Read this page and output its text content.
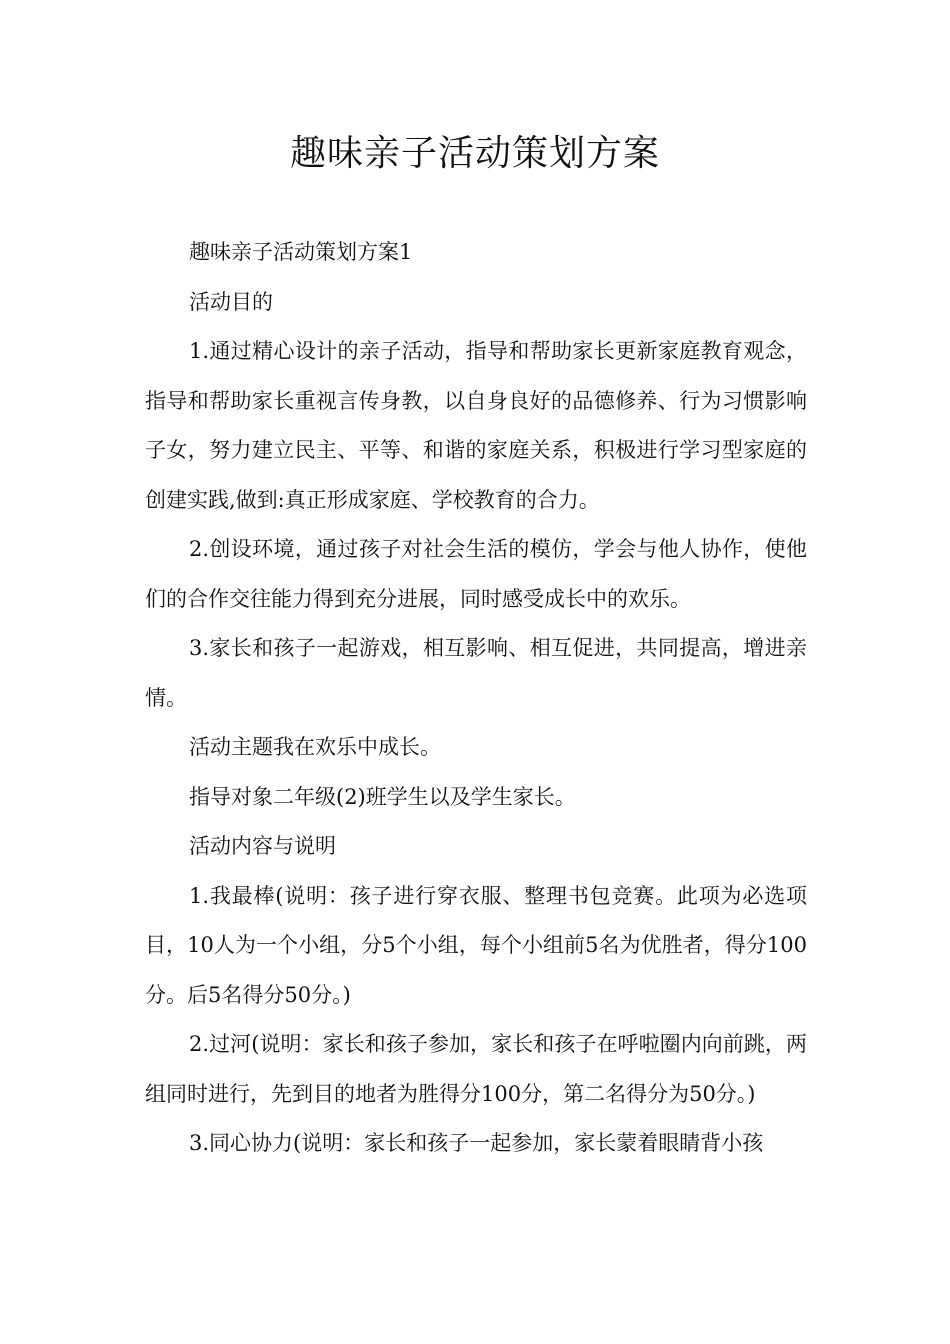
趣味亲子活动策划方案

趣味亲子活动策划方案1

活动目的

1.通过精心设计的亲子活动，指导和帮助家长更新家庭教育观念，指导和帮助家长重视言传身教，以自身良好的品德修养、行为习惯影响子女，努力建立民主、平等、和谐的家庭关系，积极进行学习型家庭的创建实践,做到:真正形成家庭、学校教育的合力。

2.创设环境，通过孩子对社会生活的模仿，学会与他人协作，使他们的合作交往能力得到充分进展，同时感受成长中的欢乐。

3.家长和孩子一起游戏，相互影响、相互促进，共同提高，增进亲情。

活动主题我在欢乐中成长。

指导对象二年级(2)班学生以及学生家长。

活动内容与说明

1.我最棒(说明：孩子进行穿衣服、整理书包竞赛。此项为必选项目，10人为一个小组，分5个小组，每个小组前5名为优胜者，得分100分。后5名得分50分。)

2.过河(说明：家长和孩子参加，家长和孩子在呼啦圈内向前跳，两组同时进行，先到目的地者为胜得分100分，第二名得分为50分。)

3.同心协力(说明：家长和孩子一起参加，家长蒙着眼睛背小孩
